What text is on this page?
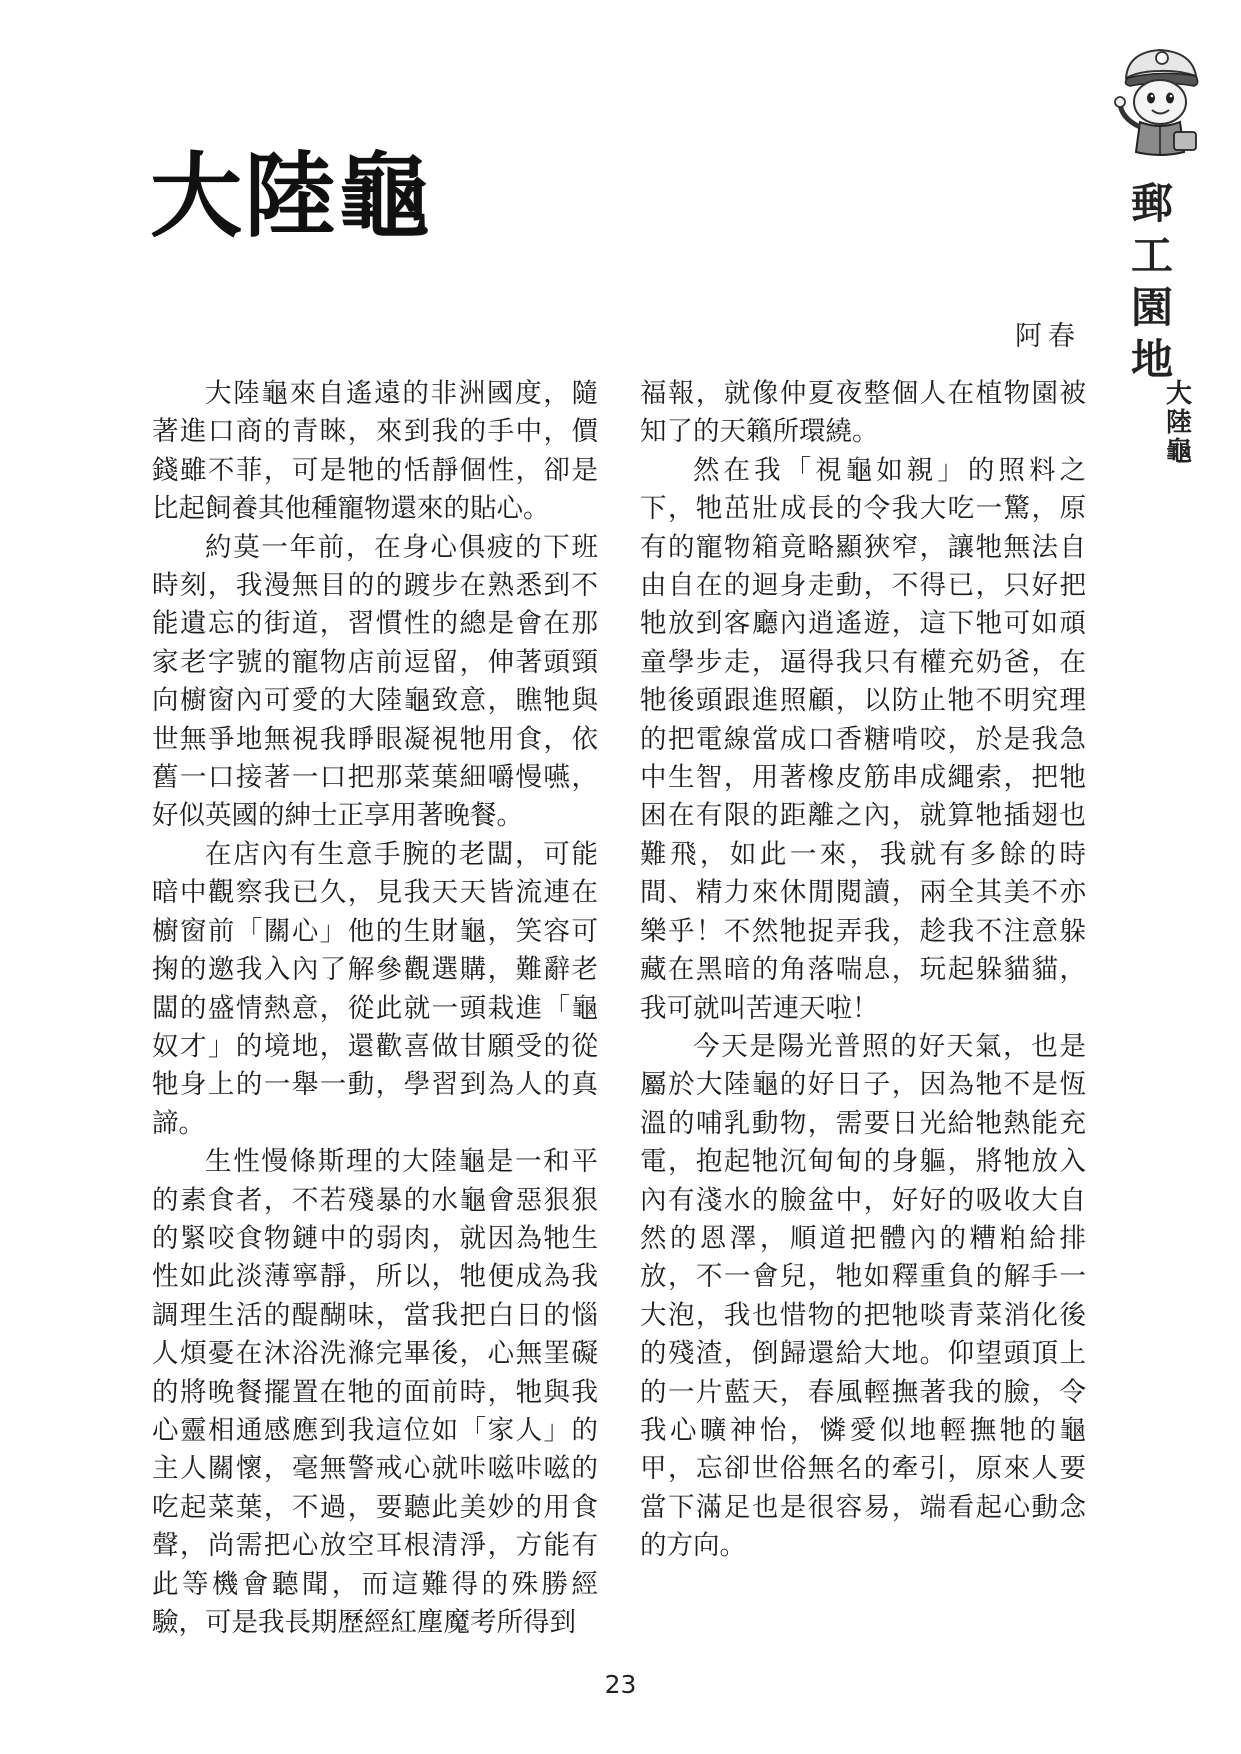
大陸龜
阿春

大陸龜來自遙遠的非洲國度，隨著進口商的青睞，來到我的手中，價錢雖不菲，可是牠的恬靜個性，卻是比起飼養其他種寵物還來的貼心。

約莫一年前，在身心俱疲的下班時刻，我漫無目的的踱步在熟悉到不能遺忘的街道，習慣性的總是會在那家老字號的寵物店前逗留，伸著頭頸向櫥窗內可愛的大陸龜致意，瞧牠與世無爭地無視我睜眼凝視牠用食，依舊一口接著一口把那菜葉細嚼慢嚥，好似英國的紳士正享用著晚餐。

在店內有生意手腕的老闆，可能暗中觀察我已久，見我天天皆流連在櫥窗前「關心」他的生財龜，笑容可掬的邀我入內了解參觀選購，難辭老闆的盛情熱意，從此就一頭栽進「龜奴才」的境地，還歡喜做甘願受的從牠身上的一舉一動，學習到為人的真諦。

生性慢條斯理的大陸龜是一和平的素食者，不若殘暴的水龜會惡狠狠的緊咬食物鏈中的弱肉，就因為牠生性如此淡薄寧靜，所以，牠便成為我調理生活的醍醐味，當我把白日的惱人煩憂在沐浴洗滌完畢後，心無罣礙的將晚餐擺置在牠的面前時，牠與我心靈相通感應到我這位如「家人」的主人關懷，毫無警戒心就咔嗞咔嗞的吃起菜葉，不過，要聽此美妙的用食聲，尚需把心放空耳根清淨，方能有此等機會聽聞，而這難得的殊勝經驗，可是我長期歷經紅塵魔考所得到

福報，就像仲夏夜整個人在植物園被知了的天籟所環繞。

然在我「視龜如親」的照料之下，牠茁壯成長的令我大吃一驚，原有的寵物箱竟略顯狹窄，讓牠無法自由自在的迴身走動，不得已，只好把牠放到客廳內逍遙遊，這下牠可如頑童學步走，逼得我只有權充奶爸，在牠後頭跟進照顧，以防止牠不明究理的把電線當成口香糖啃咬，於是我急中生智，用著橡皮筋串成繩索，把牠困在有限的距離之內，就算牠插翅也難飛，如此一來，我就有多餘的時間、精力來休閒閱讀，兩全其美不亦樂乎！不然牠捉弄我，趁我不注意躲藏在黑暗的角落喘息，玩起躲貓貓，我可就叫苦連天啦！

今天是陽光普照的好天氣，也是屬於大陸龜的好日子，因為牠不是恆溫的哺乳動物，需要日光給牠熱能充電，抱起牠沉甸甸的身軀，將牠放入內有淺水的臉盆中，好好的吸收大自然的恩澤，順道把體內的糟粕給排放，不一會兒，牠如釋重負的解手一大泡，我也惜物的把牠啖青菜消化後的殘渣，倒歸還給大地。仰望頭頂上的一片藍天，春風輕撫著我的臉，令我心曠神怡，憐愛似地輕撫牠的龜甲，忘卻世俗無名的牽引，原來人要當下滿足也是很容易，端看起心動念的方向。

郵
工
園
地
大
陸
龜
23
